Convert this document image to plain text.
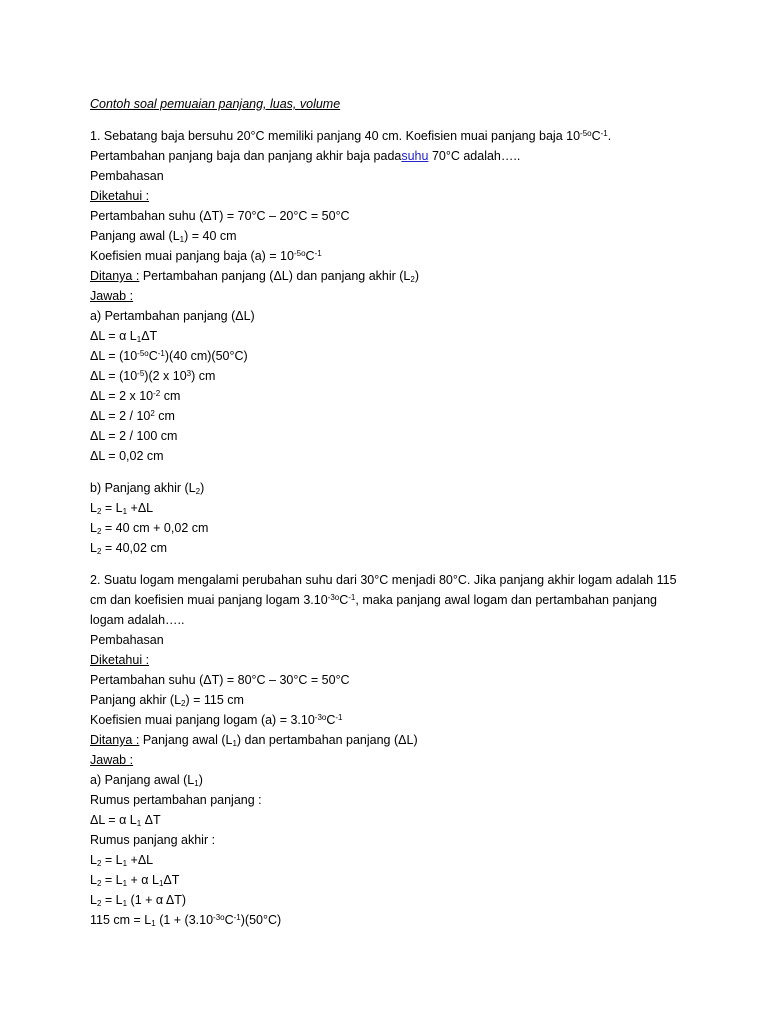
Contoh soal pemuaian panjang, luas, volume
1. Sebatang baja bersuhu 20°C memiliki panjang 40 cm. Koefisien muai panjang baja $10^{-5o}C^{-1}$.
Pertambahan panjang baja dan panjang akhir baja padasuhu 70°C adalah…..
Pembahasan
Diketahui :
Pertambahan suhu (ΔT) = 70°C – 20°C = 50°C
Panjang awal $(L_1) = 40$ cm
Koefisien muai panjang baja $(a) = 10^{-5o}C^{-1}$
Ditanya : Pertambahan panjang (ΔL) dan panjang akhir $(L_2)$
Jawab :
a) Pertambahan panjang (ΔL)
ΔL = α $L_1\Delta T$
$\Delta L = (10^{-5o}C^{-1})(40$ cm)(50°C)
$\Delta L = (10^{-5})(2$ x $10^3$) cm
ΔL = 2 x $10^{-2}$ cm
$\Delta L = 2 / 10^2$ cm
ΔL = 2 / 100 cm
ΔL = 0,02 cm
b) Panjang akhir $(L_2)$
$L_2 = L_1 +\Delta L$
$L_2 = 40$ cm + 0,02 cm
$L_2 = 40,02$ cm
2. Suatu logam mengalami perubahan suhu dari 30°C menjadi 80°C. Jika panjang akhir logam adalah 115
cm dan koefisien muai panjang logam $3.10^{-3o}C^{-1}$, maka panjang awal logam dan pertambahan panjang
logam adalah…..
Pembahasan
Diketahui :
Pertambahan suhu (ΔT) = 80°C – 30°C = 50°C
Panjang akhir $(L_2) = 115$ cm
Koefisien muai panjang logam $(a) = 3.10^{-3o}C^{-1}$
Ditanya : Panjang awal $(L_1)$ dan pertambahan panjang (ΔL)
Jawab :
a) Panjang awal $(L_1)$
Rumus pertambahan panjang :
ΔL = α $L_1$ ΔT
Rumus panjang akhir :
$L_2 = L_1 +\Delta L$
$L_2 = L_1 + \alpha$ $L_1\Delta T$
$L_2 = L_1$ (1 + α ΔT)
115 cm = $L_1$ ($1 + (3.10^{-3o}C^{-1})(50^\circ C)$
